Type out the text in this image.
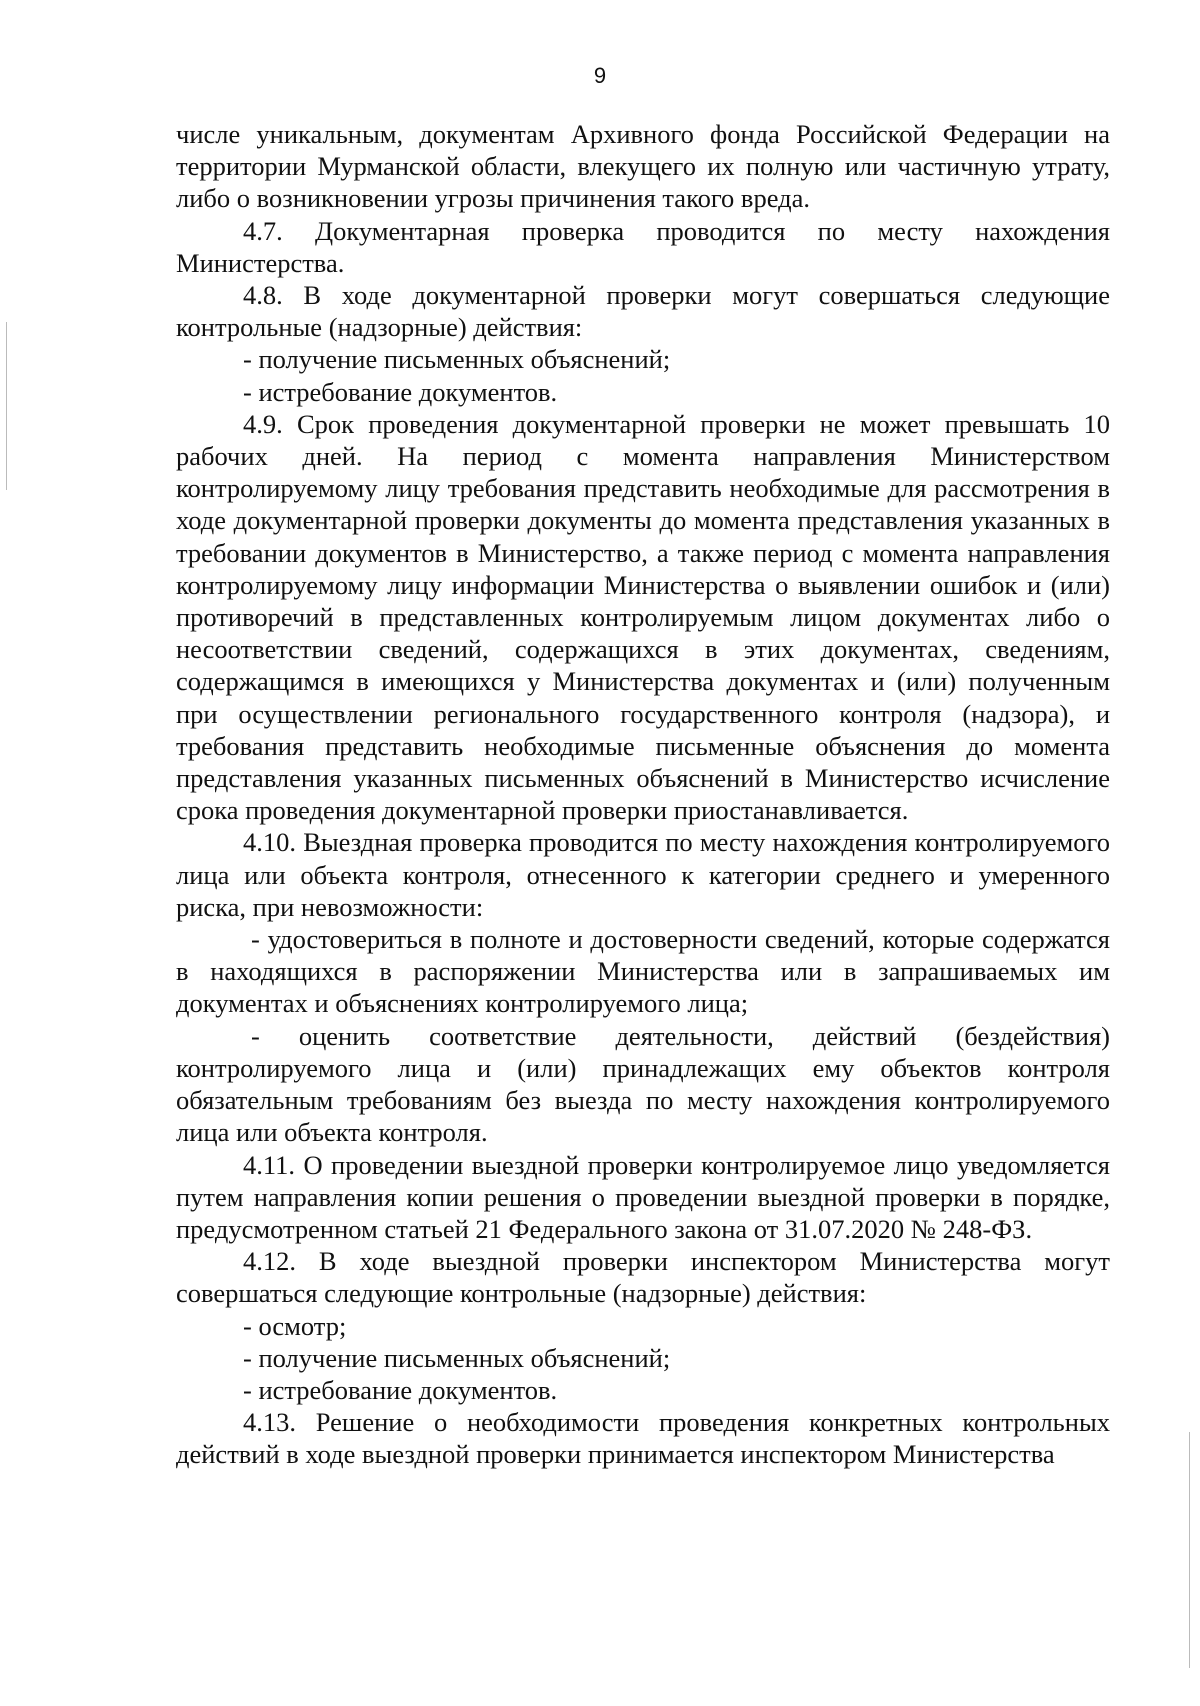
9

числе уникальным, документам Архивного фонда Российской Федерации на территории Мурманской области, влекущего их полную или частичную утрату, либо о возникновении угрозы причинения такого вреда.

4.7. Документарная проверка проводится по месту нахождения Министерства.

4.8. В ходе документарной проверки могут совершаться следующие контрольные (надзорные) действия:

- получение письменных объяснений;

- истребование документов.

4.9. Срок проведения документарной проверки не может превышать 10 рабочих дней. На период с момента направления Министерством контролируемому лицу требования представить необходимые для рассмотрения в ходе документарной проверки документы до момента представления указанных в требовании документов в Министерство, а также период с момента направления контролируемому лицу информации Министерства о выявлении ошибок и (или) противоречий в представленных контролируемым лицом документах либо о несоответствии сведений, содержащихся в этих документах, сведениям, содержащимся в имеющихся у Министерства документах и (или) полученным при осуществлении регионального государственного контроля (надзора), и требования представить необходимые письменные объяснения до момента представления указанных письменных объяснений в Министерство исчисление срока проведения документарной проверки приостанавливается.

4.10. Выездная проверка проводится по месту нахождения контролируемого лица или объекта контроля, отнесенного к категории среднего и умеренного риска, при невозможности:

- удостовериться в полноте и достоверности сведений, которые содержатся в находящихся в распоряжении Министерства или в запрашиваемых им документах и объяснениях контролируемого лица;

- оценить соответствие деятельности, действий (бездействия) контролируемого лица и (или) принадлежащих ему объектов контроля обязательным требованиям без выезда по месту нахождения контролируемого лица или объекта контроля.

4.11. О проведении выездной проверки контролируемое лицо уведомляется путем направления копии решения о проведении выездной проверки в порядке, предусмотренном статьей 21 Федерального закона от 31.07.2020 № 248-ФЗ.

4.12. В ходе выездной проверки инспектором Министерства могут совершаться следующие контрольные (надзорные) действия:

- осмотр;

- получение письменных объяснений;

- истребование документов.

4.13. Решение о необходимости проведения конкретных контрольных действий в ходе выездной проверки принимается инспектором Министерства
